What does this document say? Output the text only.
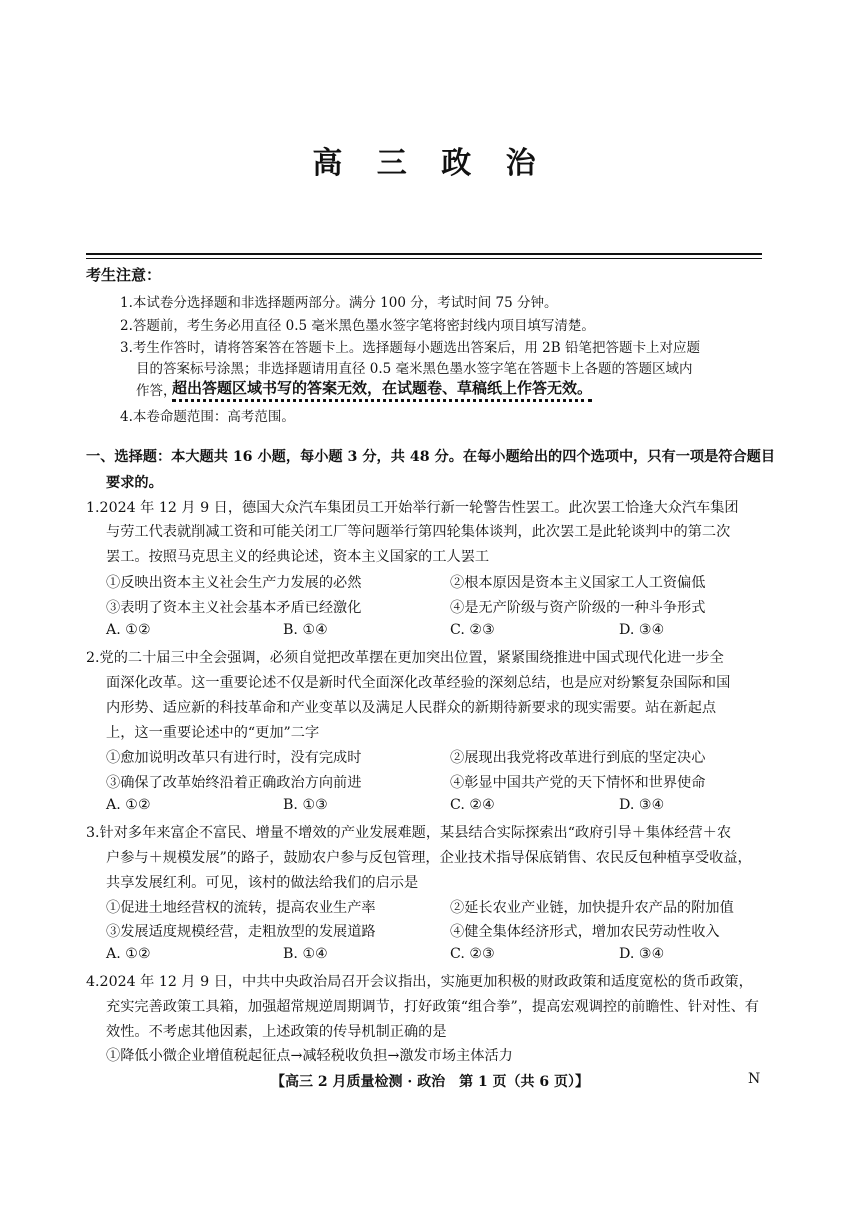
高 三 政 治
考生注意：
1.本试卷分选择题和非选择题两部分。满分 100 分，考试时间 75 分钟。
2.答题前，考生务必用直径 0.5 毫米黑色墨水签字笔将密封线内项目填写清楚。
3.考生作答时，请将答案答在答题卡上。选择题每小题选出答案后，用 2B 铅笔把答题卡上对应题
目的答案标号涂黑；非选择题请用直径 0.5 毫米黑色墨水签字笔在答题卡上各题的答题区域内
作答，
超出答题区域书写的答案无效，在试题卷、草稿纸上作答无效。
4.本卷命题范围：高考范围。
一、选择题：本大题共 16 小题，每小题 3 分，共 48 分。在每小题给出的四个选项中，只有一项是符合题目
要求的。
1.2024 年 12 月 9 日，德国大众汽车集团员工开始举行新一轮警告性罢工。此次罢工恰逢大众汽车集团
与劳工代表就削减工资和可能关闭工厂等问题举行第四轮集体谈判，此次罢工是此轮谈判中的第二次
罢工。按照马克思主义的经典论述，资本主义国家的工人罢工
①反映出资本主义社会生产力发展的必然	②根本原因是资本主义国家工人工资偏低
③表明了资本主义社会基本矛盾已经激化	④是无产阶级与资产阶级的一种斗争形式
A. ①②	B. ①④	C. ②③	D. ③④
2.党的二十届三中全会强调，必须自觉把改革摆在更加突出位置，紧紧围绕推进中国式现代化进一步全
面深化改革。这一重要论述不仅是新时代全面深化改革经验的深刻总结，也是应对纷繁复杂国际和国
内形势、适应新的科技革命和产业变革以及满足人民群众的新期待新要求的现实需要。站在新起点
上，这一重要论述中的“更加”二字
①愈加说明改革只有进行时，没有完成时	②展现出我党将改革进行到底的坚定决心
③确保了改革始终沿着正确政治方向前进	④彰显中国共产党的天下情怀和世界使命
A. ①②	B. ①③	C. ②④	D. ③④
3.针对多年来富企不富民、增量不增效的产业发展难题，某县结合实际探索出“政府引导＋集体经营＋农
户参与＋规模发展”的路子，鼓励农户参与反包管理，企业技术指导保底销售、农民反包种植享受收益，
共享发展红利。可见，该村的做法给我们的启示是
①促进土地经营权的流转，提高农业生产率	②延长农业产业链，加快提升农产品的附加值
③发展适度规模经营，走粗放型的发展道路	④健全集体经济形式，增加农民劳动性收入
A. ①②	B. ①④	C. ②③	D. ③④
4.2024 年 12 月 9 日，中共中央政治局召开会议指出，实施更加积极的财政政策和适度宽松的货币政策，
充实完善政策工具箱，加强超常规逆周期调节，打好政策“组合拳”，提高宏观调控的前瞻性、针对性、有
效性。不考虑其他因素，上述政策的传导机制正确的是
①降低小微企业增值税起征点→减轻税收负担→激发市场主体活力
【高三 2 月质量检测 · 政治　第 1 页（共 6 页）】	N
